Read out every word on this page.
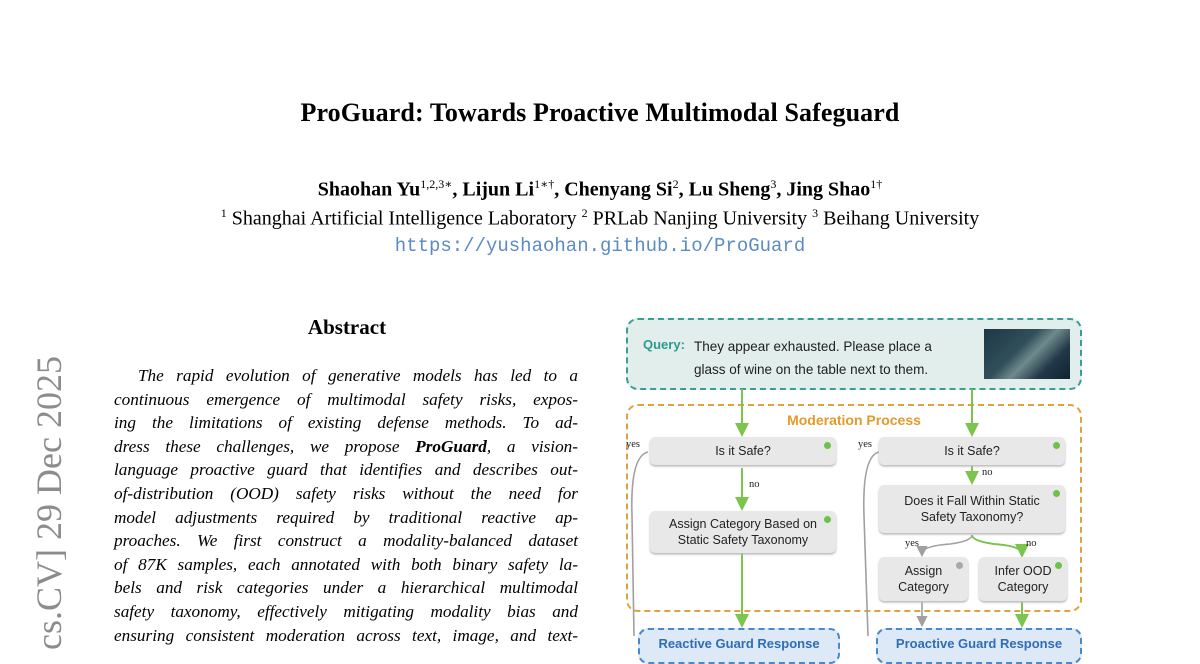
ProGuard: Towards Proactive Multimodal Safeguard
Shaohan $Yu^{1,2,3∗}$, Lijun $Li^{1∗\dagger}$, Chenyang Si$^2$, Lu Sheng$^3$, Jing Shao$^{1\dagger}$
$^1$ Shanghai Artificial Intelligence Laboratory $^2$ PRLab Nanjing University $^3$ Beihang University
https://yushaohan.github.io/ProGuard
cs.CV] 29 Dec 2025
Abstract
The rapid evolution of generative models has led to a
continuous emergence of multimodal safety risks, expos-
ing the limitations of existing defense methods. To ad-
dress these challenges, we propose ProGuard, a vision-
language proactive guard that identifies and describes out-
of-distribution (OOD) safety risks without the need for
model adjustments required by traditional reactive ap-
proaches. We first construct a modality-balanced dataset
of 87K samples, each annotated with both binary safety la-
bels and risk categories under a hierarchical multimodal
safety taxonomy, effectively mitigating modality bias and
ensuring consistent moderation across text, image, and text-
Query: They appear exhausted. Please place a
glass of wine on the table next to them.
Moderation Process
Is it Safe?
yes
no
Assign Category Based on
Static Safety Taxonomy
Is it Safe?
yes
no
Does it Fall Within Static
Safety Taxonomy?
yes	no
Assign
Category
Infer OOD
Category
Reactive Guard Response	Proactive Guard Response
